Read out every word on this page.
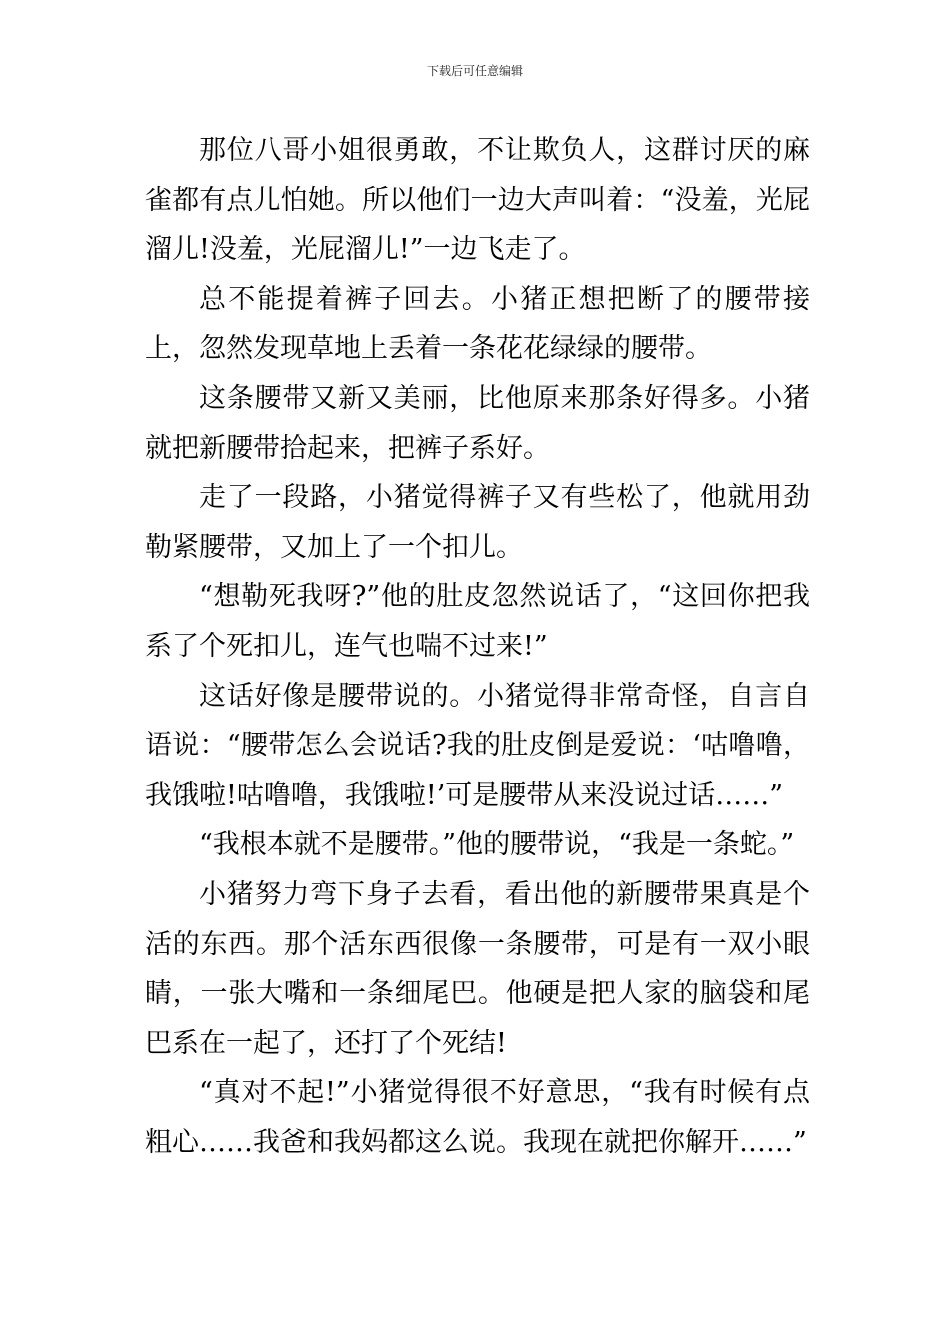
下载后可任意编辑

那位八哥小姐很勇敢，不让欺负人，这群讨厌的麻雀都有点儿怕她。所以他们一边大声叫着：“没羞，光屁溜儿!没羞，光屁溜儿!”一边飞走了。

总不能提着裤子回去。小猪正想把断了的腰带接上，忽然发现草地上丢着一条花花绿绿的腰带。

这条腰带又新又美丽，比他原来那条好得多。小猪就把新腰带拾起来，把裤子系好。

走了一段路，小猪觉得裤子又有些松了，他就用劲勒紧腰带，又加上了一个扣儿。

“想勒死我呀?”他的肚皮忽然说话了，“这回你把我系了个死扣儿，连气也喘不过来!”

这话好像是腰带说的。小猪觉得非常奇怪，自言自语说：“腰带怎么会说话?我的肚皮倒是爱说：‘咕噜噜，我饿啦!咕噜噜，我饿啦!’可是腰带从来没说过话……”

“我根本就不是腰带。”他的腰带说，“我是一条蛇。”

小猪努力弯下身子去看，看出他的新腰带果真是个活的东西。那个活东西很像一条腰带，可是有一双小眼睛，一张大嘴和一条细尾巴。他硬是把人家的脑袋和尾巴系在一起了，还打了个死结!

“真对不起!”小猪觉得很不好意思，“我有时候有点粗心……我爸和我妈都这么说。我现在就把你解开……”
